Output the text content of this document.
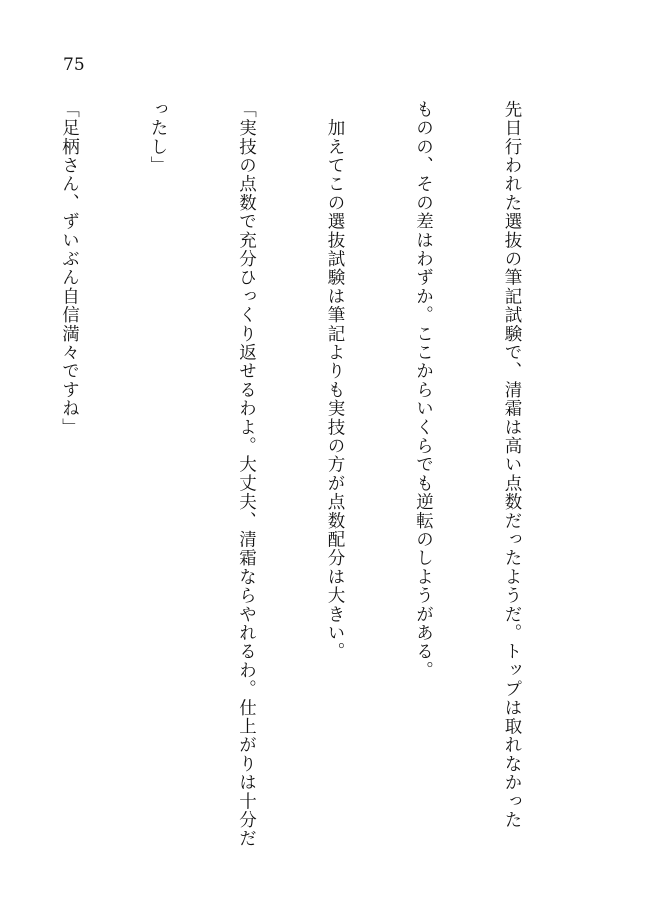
75

先日行われた選抜の筆記試験で、清霜は高い点数だったようだ。トップは取れなかった

ものの、その差はわずか。ここからいくらでも逆転のしようがある。

　加えてこの選抜試験は筆記よりも実技の方が点数配分は大きい。

「実技の点数で充分ひっくり返せるわよ。大丈夫、清霜ならやれるわ。仕上がりは十分だ

ったし」

「足柄さん、ずいぶん自信満々ですね」
